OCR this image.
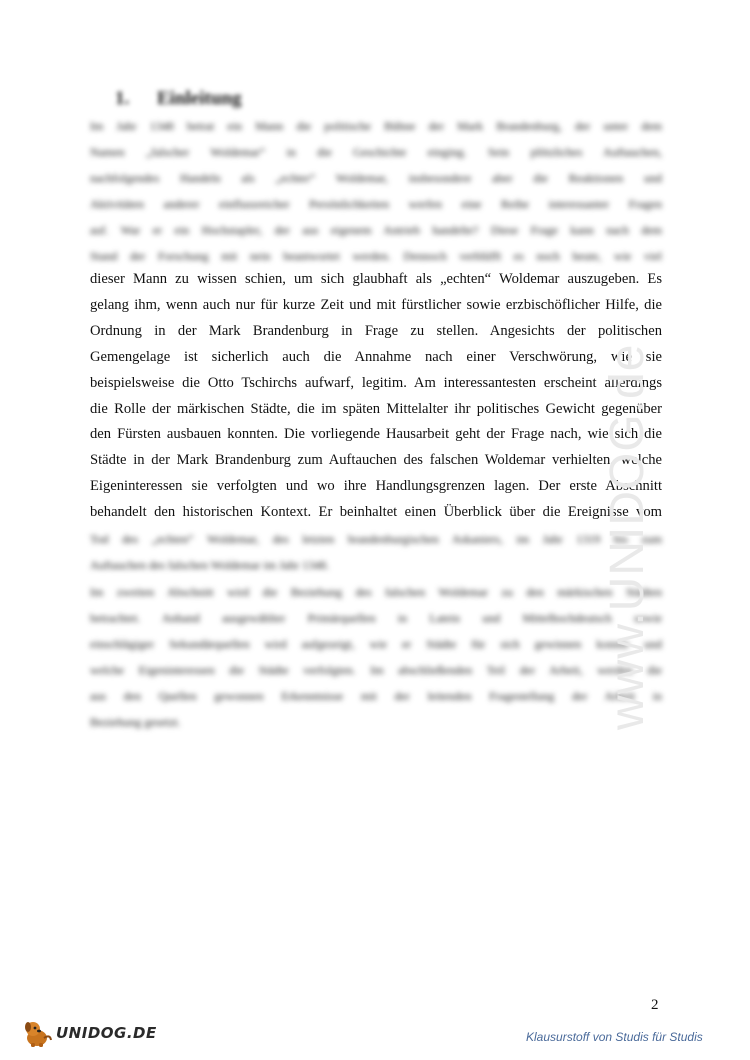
1. Einleitung
Im Jahr 1348 betrat ein Mann die politische Bühne der Mark Brandenburg, der unter dem
Namen „falscher Woldemar“ in die Geschichte einging. Sein plötzliches Auftauchen,
nachfolgendes Handeln als „echter“ Woldemar, insbesondere aber die Reaktionen und
Aktivitäten anderer einflussreicher Persönlichkeiten werfen eine Reihe interessanter Fragen
auf. War er ein Hochstapler, der aus eigenem Antrieb handelte? Diese Frage kann nach dem
Stand der Forschung mit nein beantwortet werden. Dennoch verblüfft es noch heute, wie viel
dieser Mann zu wissen schien, um sich glaubhaft als „echten“ Woldemar auszugeben. Es
gelang ihm, wenn auch nur für kurze Zeit und mit fürstlicher sowie erzbischöflicher Hilfe, die
Ordnung in der Mark Brandenburg in Frage zu stellen. Angesichts der politischen
Gemengelage ist sicherlich auch die Annahme nach einer Verschwörung, wie sie
beispielsweise die Otto Tschirchs aufwarf, legitim. Am interessantesten erscheint allerdings
die Rolle der märkischen Städte, die im späten Mittelalter ihr politisches Gewicht gegenüber
den Fürsten ausbauen konnten. Die vorliegende Hausarbeit geht der Frage nach, wie sich die
Städte in der Mark Brandenburg zum Auftauchen des falschen Woldemar verhielten, welche
Eigeninteressen sie verfolgten und wo ihre Handlungsgrenzen lagen. Der erste Abschnitt
behandelt den historischen Kontext. Er beinhaltet einen Überblick über die Ereignisse vom
Tod des „echten“ Woldemar, des letzten brandenburgischen Askaniers, im Jahr 1319 bis zum
Auftauchen des falschen Woldemar im Jahr 1348.
Im zweiten Abschnitt wird die Beziehung des falschen Woldemar zu den märkischen Städten
betrachtet. Anhand ausgewählter Primärquellen in Latein und Mittelhochdeutsch sowie
einschlägiger Sekundärquellen wird aufgezeigt, wie er Städte für sich gewinnen konnte und
welche Eigeninteressen die Städte verfolgten. Im abschließenden Teil der Arbeit, werden die
aus den Quellen gewonnen Erkenntnisse mit der leitenden Fragestellung der Arbeit in
Beziehung gesetzt.	www.UNIDOG.de
2
UNIDOG.DE	Klausurstoff von Studis für Studis
